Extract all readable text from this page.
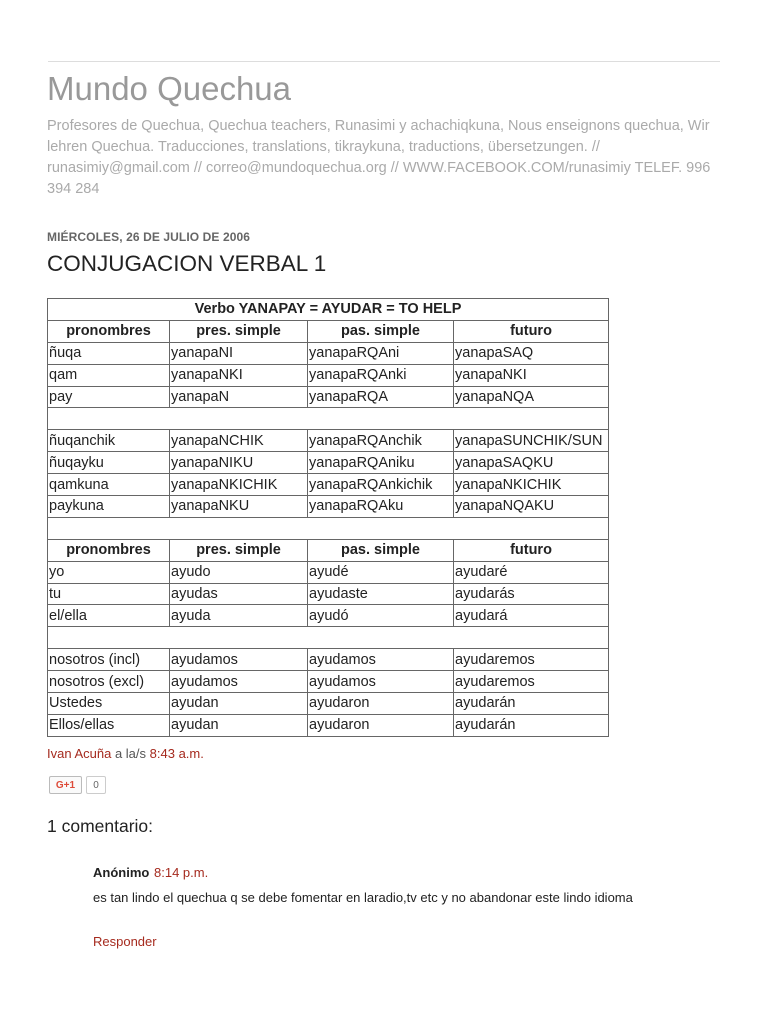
Mundo Quechua
Profesores de Quechua, Quechua teachers, Runasimi y achachiqkuna, Nous enseignons quechua, Wir lehren Quechua. Traducciones, translations, tikraykuna, traductions, übersetzungen. // runasimiy@gmail.com // correo@mundoquechua.org // WWW.FACEBOOK.COM/runasimiy TELEF. 996 394 284
MIÉRCOLES, 26 DE JULIO DE 2006
CONJUGACION VERBAL 1
Verbo YANAPAY = AYUDAR = TO HELP			
pronombres	pres. simple	pas. simple	futuro
ñuqa	yanapaNI	yanapaRQAni	yanapaSAQ
qam	yanapaNKI	yanapaRQAnki	yanapaNKI
pay	yanapaN	yanapaRQA	yanapaNQA

ñuqanchik	yanapaNCHIK	yanapaRQAnchik	yanapaSUNCHIK/SUN
ñuqayku	yanapaNIKU	yanapaRQAniku	yanapaSAQKU
qamkuna	yanapaNKICHIK	yanapaRQAnkichik	yanapaNKICHIK
paykuna	yanapaNKU	yanapaRQAku	yanapaNQAKU

pronombres	pres. simple	pas. simple	futuro
yo	ayudo	ayudé	ayudaré
tu	ayudas	ayudaste	ayudarás
el/ella	ayuda	ayudó	ayudará

nosotros (incl)	ayudamos	ayudamos	ayudaremos
nosotros (excl)	ayudamos	ayudamos	ayudaremos
Ustedes	ayudan	ayudaron	ayudarán
Ellos/ellas	ayudan	ayudaron	ayudarán
Ivan Acuña a la/s 8:43 a.m.
G+1	0
1 comentario:
Anónimo 8:14 p.m.
es tan lindo el quechua q se debe fomentar en laradio,tv etc y no abandonar este lindo idioma
Responder
